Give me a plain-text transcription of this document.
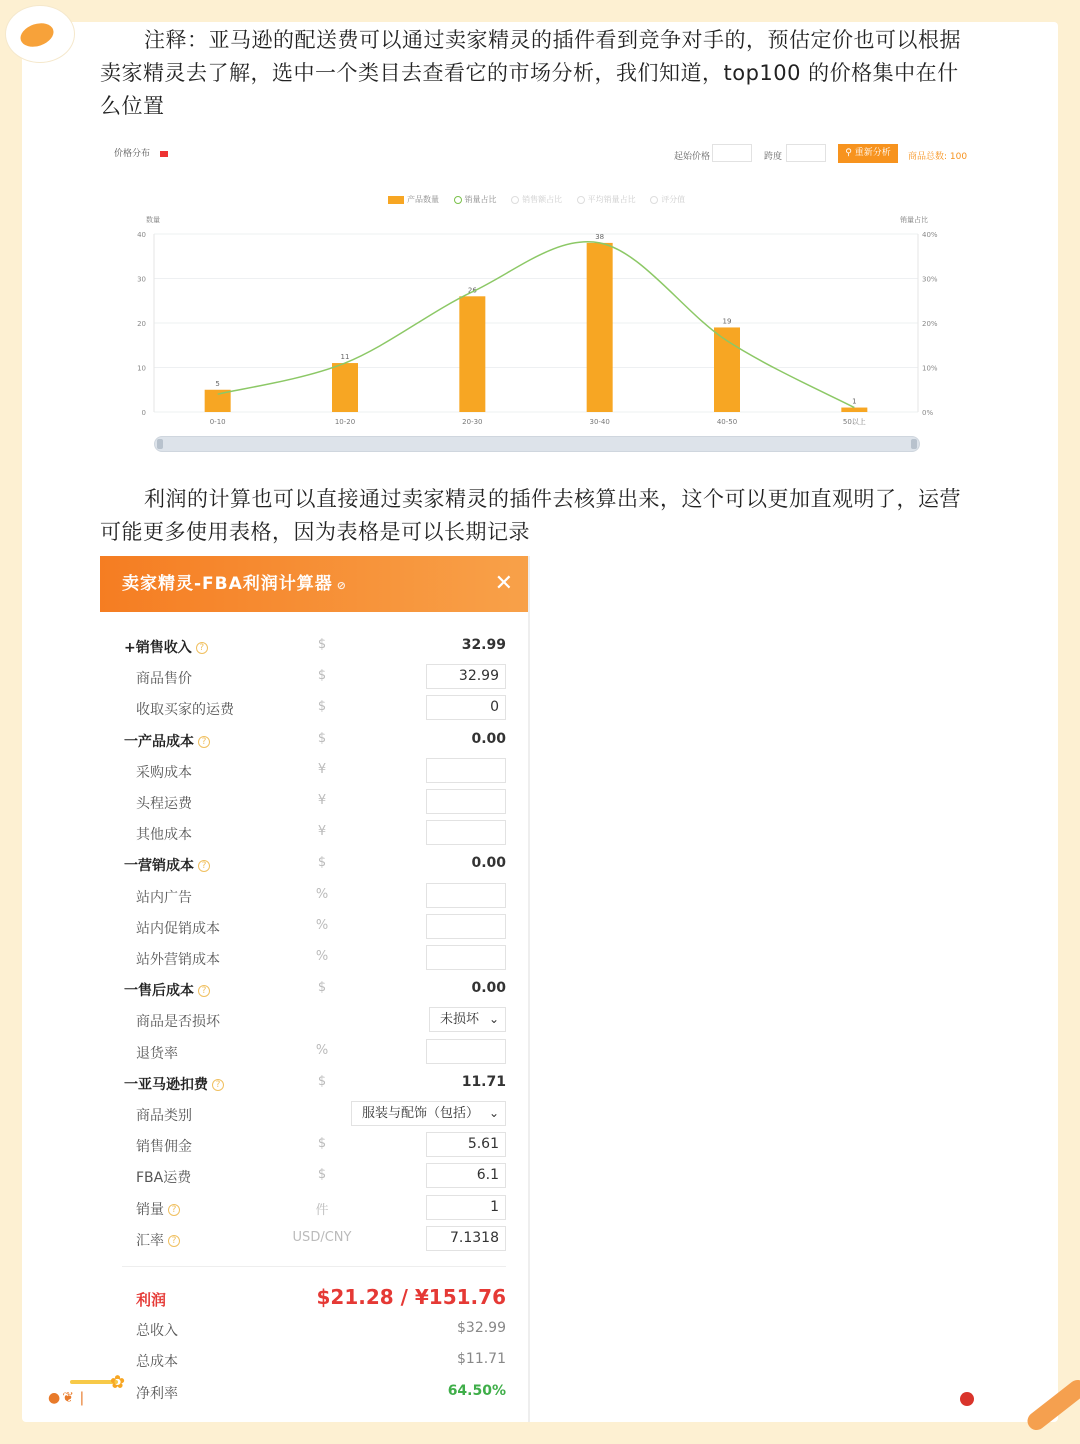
注释：亚马逊的配送费可以通过卖家精灵的插件看到竞争对手的，预估定价也可以根据卖家精灵去了解，选中一个类目去查看它的市场分析，我们知道，top100 的价格集中在什么位置
价格分布	起始价格	跨度	⚲ 重新分析	商品总数: 100
产品数量	销量占比	销售额占比	平均销量占比	评分值
数量	销量占比
0	0%
10	10%
20	20%
30	30%
40	40%
5
0-10
11
10-20
26
20-30
38
30-40
19
40-50
1
50以上
利润的计算也可以直接通过卖家精灵的插件去核算出来，这个可以更加直观明了，运营可能更多使用表格，因为表格是可以长期记录
卖家精灵-FBA利润计算器 ⊘	✕
+销售收入 ?	$	32.99
商品售价	$	32.99
收取买家的运费	$	0
一产品成本 ?	$	0.00
采购成本	¥
头程运费	¥
其他成本	¥
一营销成本 ?	$	0.00
站内广告	%
站内促销成本	%
站外营销成本	%
一售后成本 ?	$	0.00
商品是否损坏	未损坏 ⌄
退货率	%
一亚马逊扣费 ?	$	11.71
商品类别	服装与配饰（包括） ⌄
销售佣金	$	5.61
FBA运费	$	6.1
销量 ?	件	1
汇率 ?	USD/CNY	7.1318
利润	$21.28 / ¥151.76
总收入	$32.99
总成本	$11.71
净利率	64.50%
✿
●❦❘
